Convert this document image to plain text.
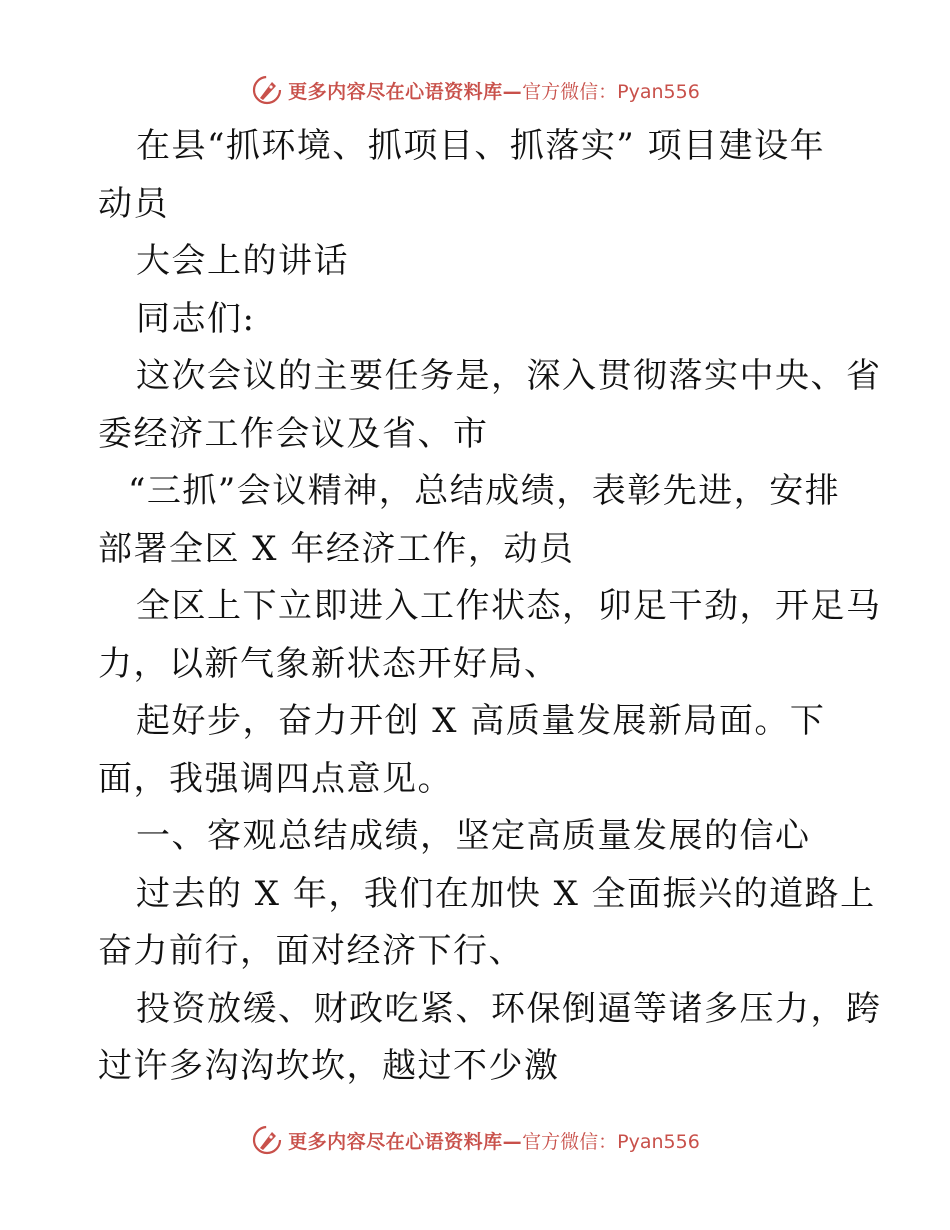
更多内容尽在心语资料库— 官方微信：Pyan556
在县“抓环境、抓项目、抓落实” 项目建设年
动员
大会上的讲话
同志们:
这次会议的主要任务是，深入贯彻落实中央、省
委经济工作会议及省、市
“三抓”会议精神，总结成绩，表彰先进，安排
部署全区 X 年经济工作，动员
全区上下立即进入工作状态，卯足干劲，开足马
力，以新气象新状态开好局、
起好步，奋力开创 X 高质量发展新局面。下
面，我强调四点意见。
一、客观总结成绩，坚定高质量发展的信心
过去的 X 年，我们在加快 X 全面振兴的道路上
奋力前行，面对经济下行、
投资放缓、财政吃紧、环保倒逼等诸多压力，跨
过许多沟沟坎坎，越过不少激
更多内容尽在心语资料库— 官方微信：Pyan556
